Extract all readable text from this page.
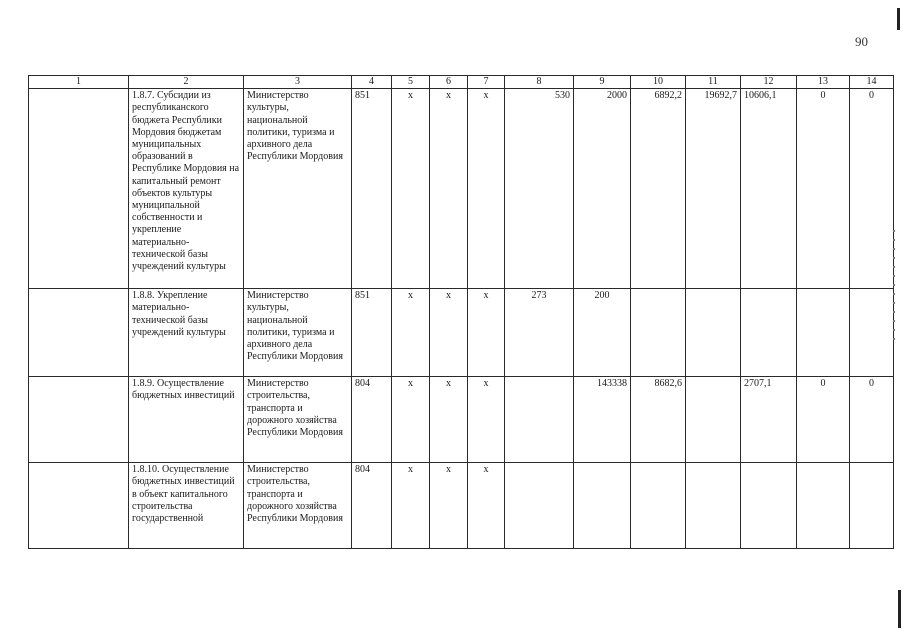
90
1	2	3	4	5	6	7	8	9	10	11	12	13	14
	1.8.7. Субсидии из республиканского бюджета Республики Мордовия бюджетам муниципальных образований в Республике Мордовия на капитальный ремонт объектов культуры муниципальной собственности и укрепление материально-технической базы учреждений культуры	Министерство культуры, национальной политики, туризма и архивного дела Республики Мордовия	851	х	х	х	530	2000	6892,2	19692,7	10606,1	0	0
	1.8.8. Укрепление материально-технической базы учреждений культуры	Министерство культуры, национальной политики, туризма и архивного дела Республики Мордовия	851	х	х	х	273	200					
	1.8.9. Осуществление бюджетных инвестиций	Министерство строительства, транспорта и дорожного хозяйства Республики Мордовия	804	х	х	х		143338	8682,6		2707,1	0	0
	1.8.10. Осуществление бюджетных инвестиций в объект капитального строительства государственной	Министерство строительства, транспорта и дорожного хозяйства Республики Мордовия	804	х	х	х							
